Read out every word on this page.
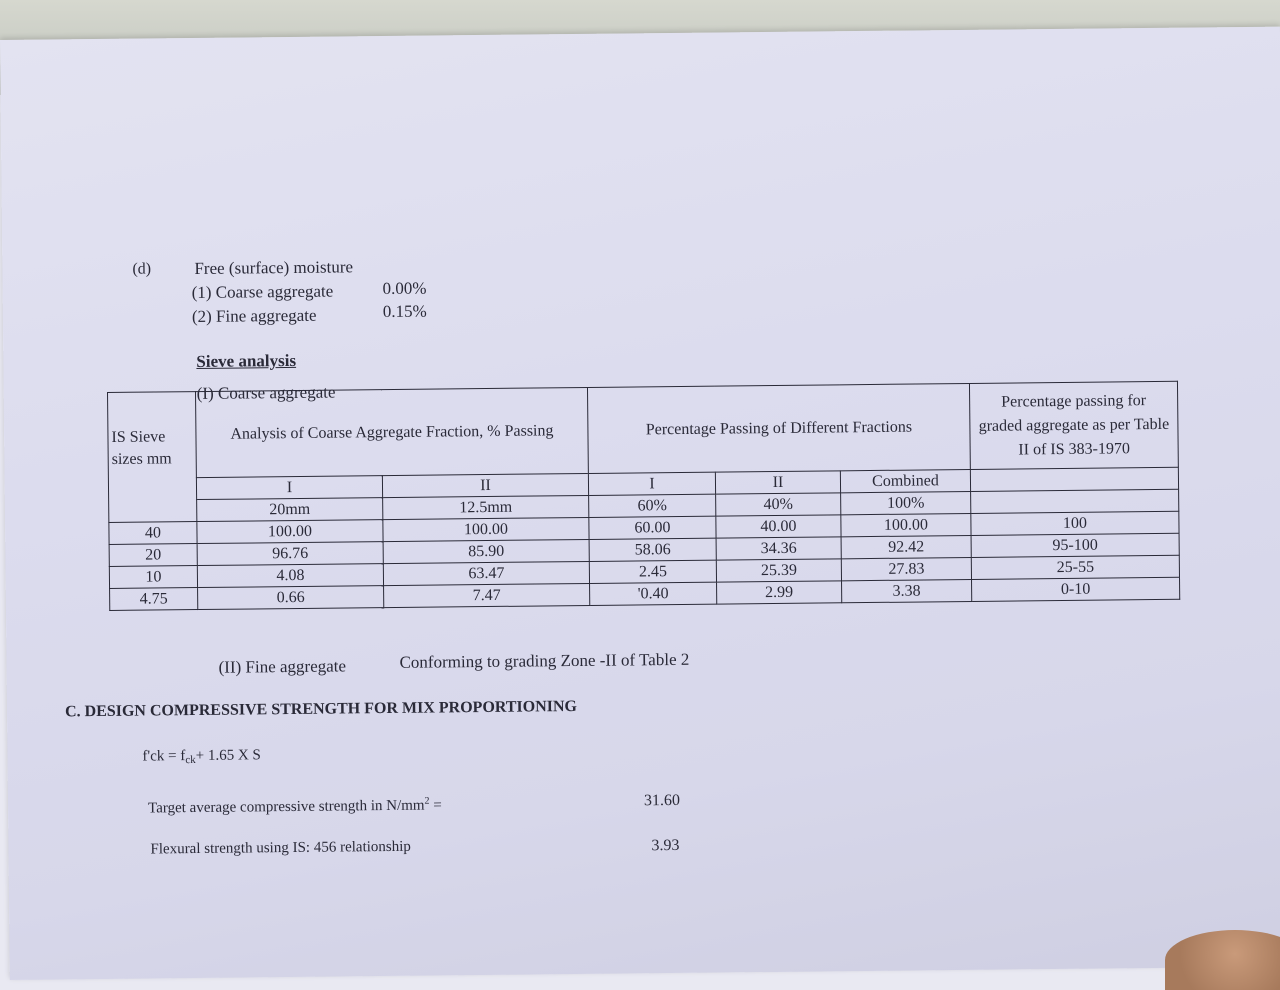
(d)	Free (surface) moisture
(1) Coarse aggregate	0.00%
(2) Fine aggregate	0.15%
Sieve analysis
(I) Coarse aggregate
(II) Fine aggregate	Conforming to grading Zone -II of Table 2
C. DESIGN COMPRESSIVE STRENGTH FOR MIX PROPORTIONING
$f'ck = f_{ck}+ 1.65$ X S
Target average compressive strength in $N/mm^2$ =	31.60
Flexural strength using IS: 456 relationship	3.93
IS Sieve sizes mm	Analysis of Coarse Aggregate Fraction, % Passing		Percentage Passing of Different Fractions			Percentage passing for graded aggregate as per Table II of IS 383-1970
	I	II	I	II	Combined	
	20mm	12.5mm	60%	40%	100%	
40	100.00	100.00	60.00	40.00	100.00	100
20	96.76	85.90	58.06	34.36	92.42	95-100
10	4.08	63.47	2.45	25.39	27.83	25-55
4.75	0.66	7.47	'0.40	2.99	3.38	0-10
